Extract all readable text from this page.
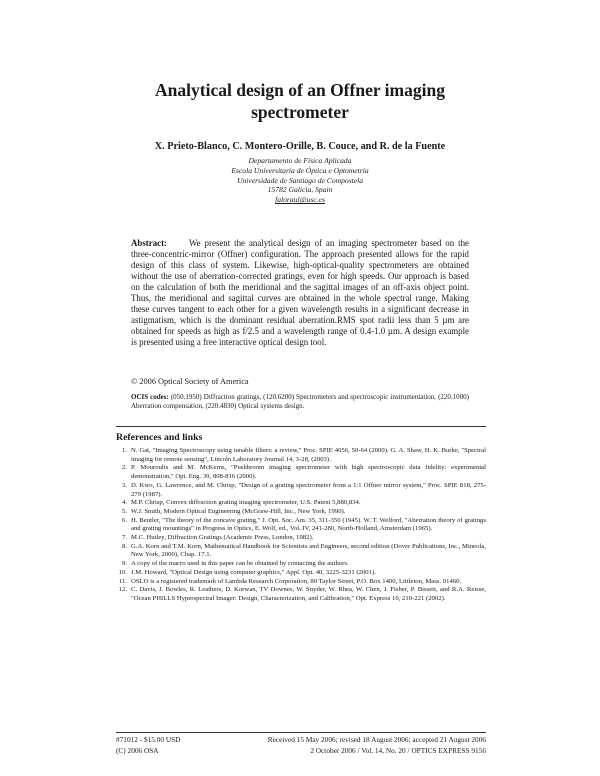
Analytical design of an Offner imaging
spectrometer
X. Prieto-Blanco, C. Montero-Orille, B. Couce, and R. de la Fuente
Departamento de Física Aplicada
Escola Universitaria de Óptica e Optometría
Universidade de Santiago de Compostela
15782 Galicia, Spain
faloraul@usc.es
Abstract: We present the analytical design of an imaging spectrometer based on the three-concentric-mirror (Offner) configuration. The approach presented allows for the rapid design of this class of system. Likewise, high-optical-quality spectrometers are obtained without the use of aberration-corrected gratings, even for high speeds. Our approach is based on the calculation of both the meridional and the sagittal images of an off-axis object point. Thus, the meridional and sagittal curves are obtained in the whole spectral range. Making these curves tangent to each other for a given wavelength results in a significant decrease in astigmatism, which is the dominant residual aberration.RMS spot radii less than 5 µm are obtained for speeds as high as f/2.5 and a wavelength range of 0.4-1.0 µm. A design example is presented using a free interactive optical design tool.
© 2006 Optical Society of America
OCIS codes: (050.1950) Diffraction gratings, (120.6200) Spectrometers and spectroscopic instrumentation, (220.1000) Aberration compensation, (220.4830) Optical systems design.
References and links
1. N. Gat, "Imaging Spectroscopy using tunable filters: a review," Proc. SPIE 4056, 50-64 (2000). G. A. Shaw, H. K. Burke, "Spectral imaging for remote sensing", Lincoln Laboratory Journal 14, 3-28, (2003).
2. P. Mouroulis and M. McKerns, "Pushbroom imaging spectrometer with high spectroscopic data fidelity: experimental demonstration," Opt. Eng. 39, 808-816 (2000).
3. D. Kwo, G. Lawrence, and M. Chrisp, "Design of a grating spectrometer from a 1:1 Offner mirror system," Proc. SPIE 818, 275-279 (1987).
4. M.P. Chrisp, Convex diffraction grating imaging spectrometer, U.S. Patent 5,880,834.
5. W.J. Smith, Modern Optical Engineering (McGraw-Hill, Inc., New York, 1990).
6. H. Beutler, "The theory of the concave grating," J. Opt. Soc. Am. 35, 311-350 (1945). W. T. Welford, "Aberration theory of gratings and grating mountings" in Progress in Optics, E. Wolf, ed., Vol. IV, 241-280, North-Holland, Amsterdam (1965).
7. M.C. Hutley, Diffraction Gratings (Academic Press, London, 1982).
8. G.A. Korn and T.M. Korn, Mathematical Handbook for Scientists and Engineers, second edition (Dover Publications, Inc., Mineola, New York, 2000), Chap. 17.1.
9. A copy of the macro used in this paper can be obtained by contacting the authors.
10. J.M. Howard, "Optical Design using computer graphics," Appl. Opt. 40, 3225-3231 (2001).
11. OSLO is a registered trademark of Lambda Research Corporation, 80 Taylor Street, P.O. Box 1400, Littleton, Mass. 01460.
12. C. Davis, J. Bowles, R. Leathers, D. Korwan, TV Downes, W. Snyder, W. Rhea, W. Chen, J. Fisher, P. Bissett, and R.A. Reisse, "Ocean PHILLS Hyperspectral Imager: Design, Characterization, and Calibration," Opt. Express 10, 210-221 (2002).
#71012 - $15.00 USD	Received 15 May 2006; revised 18 August 2006; accepted 21 August 2006
(C) 2006 OSA	2 October 2006 / Vol. 14, No. 20 / OPTICS EXPRESS 9156
